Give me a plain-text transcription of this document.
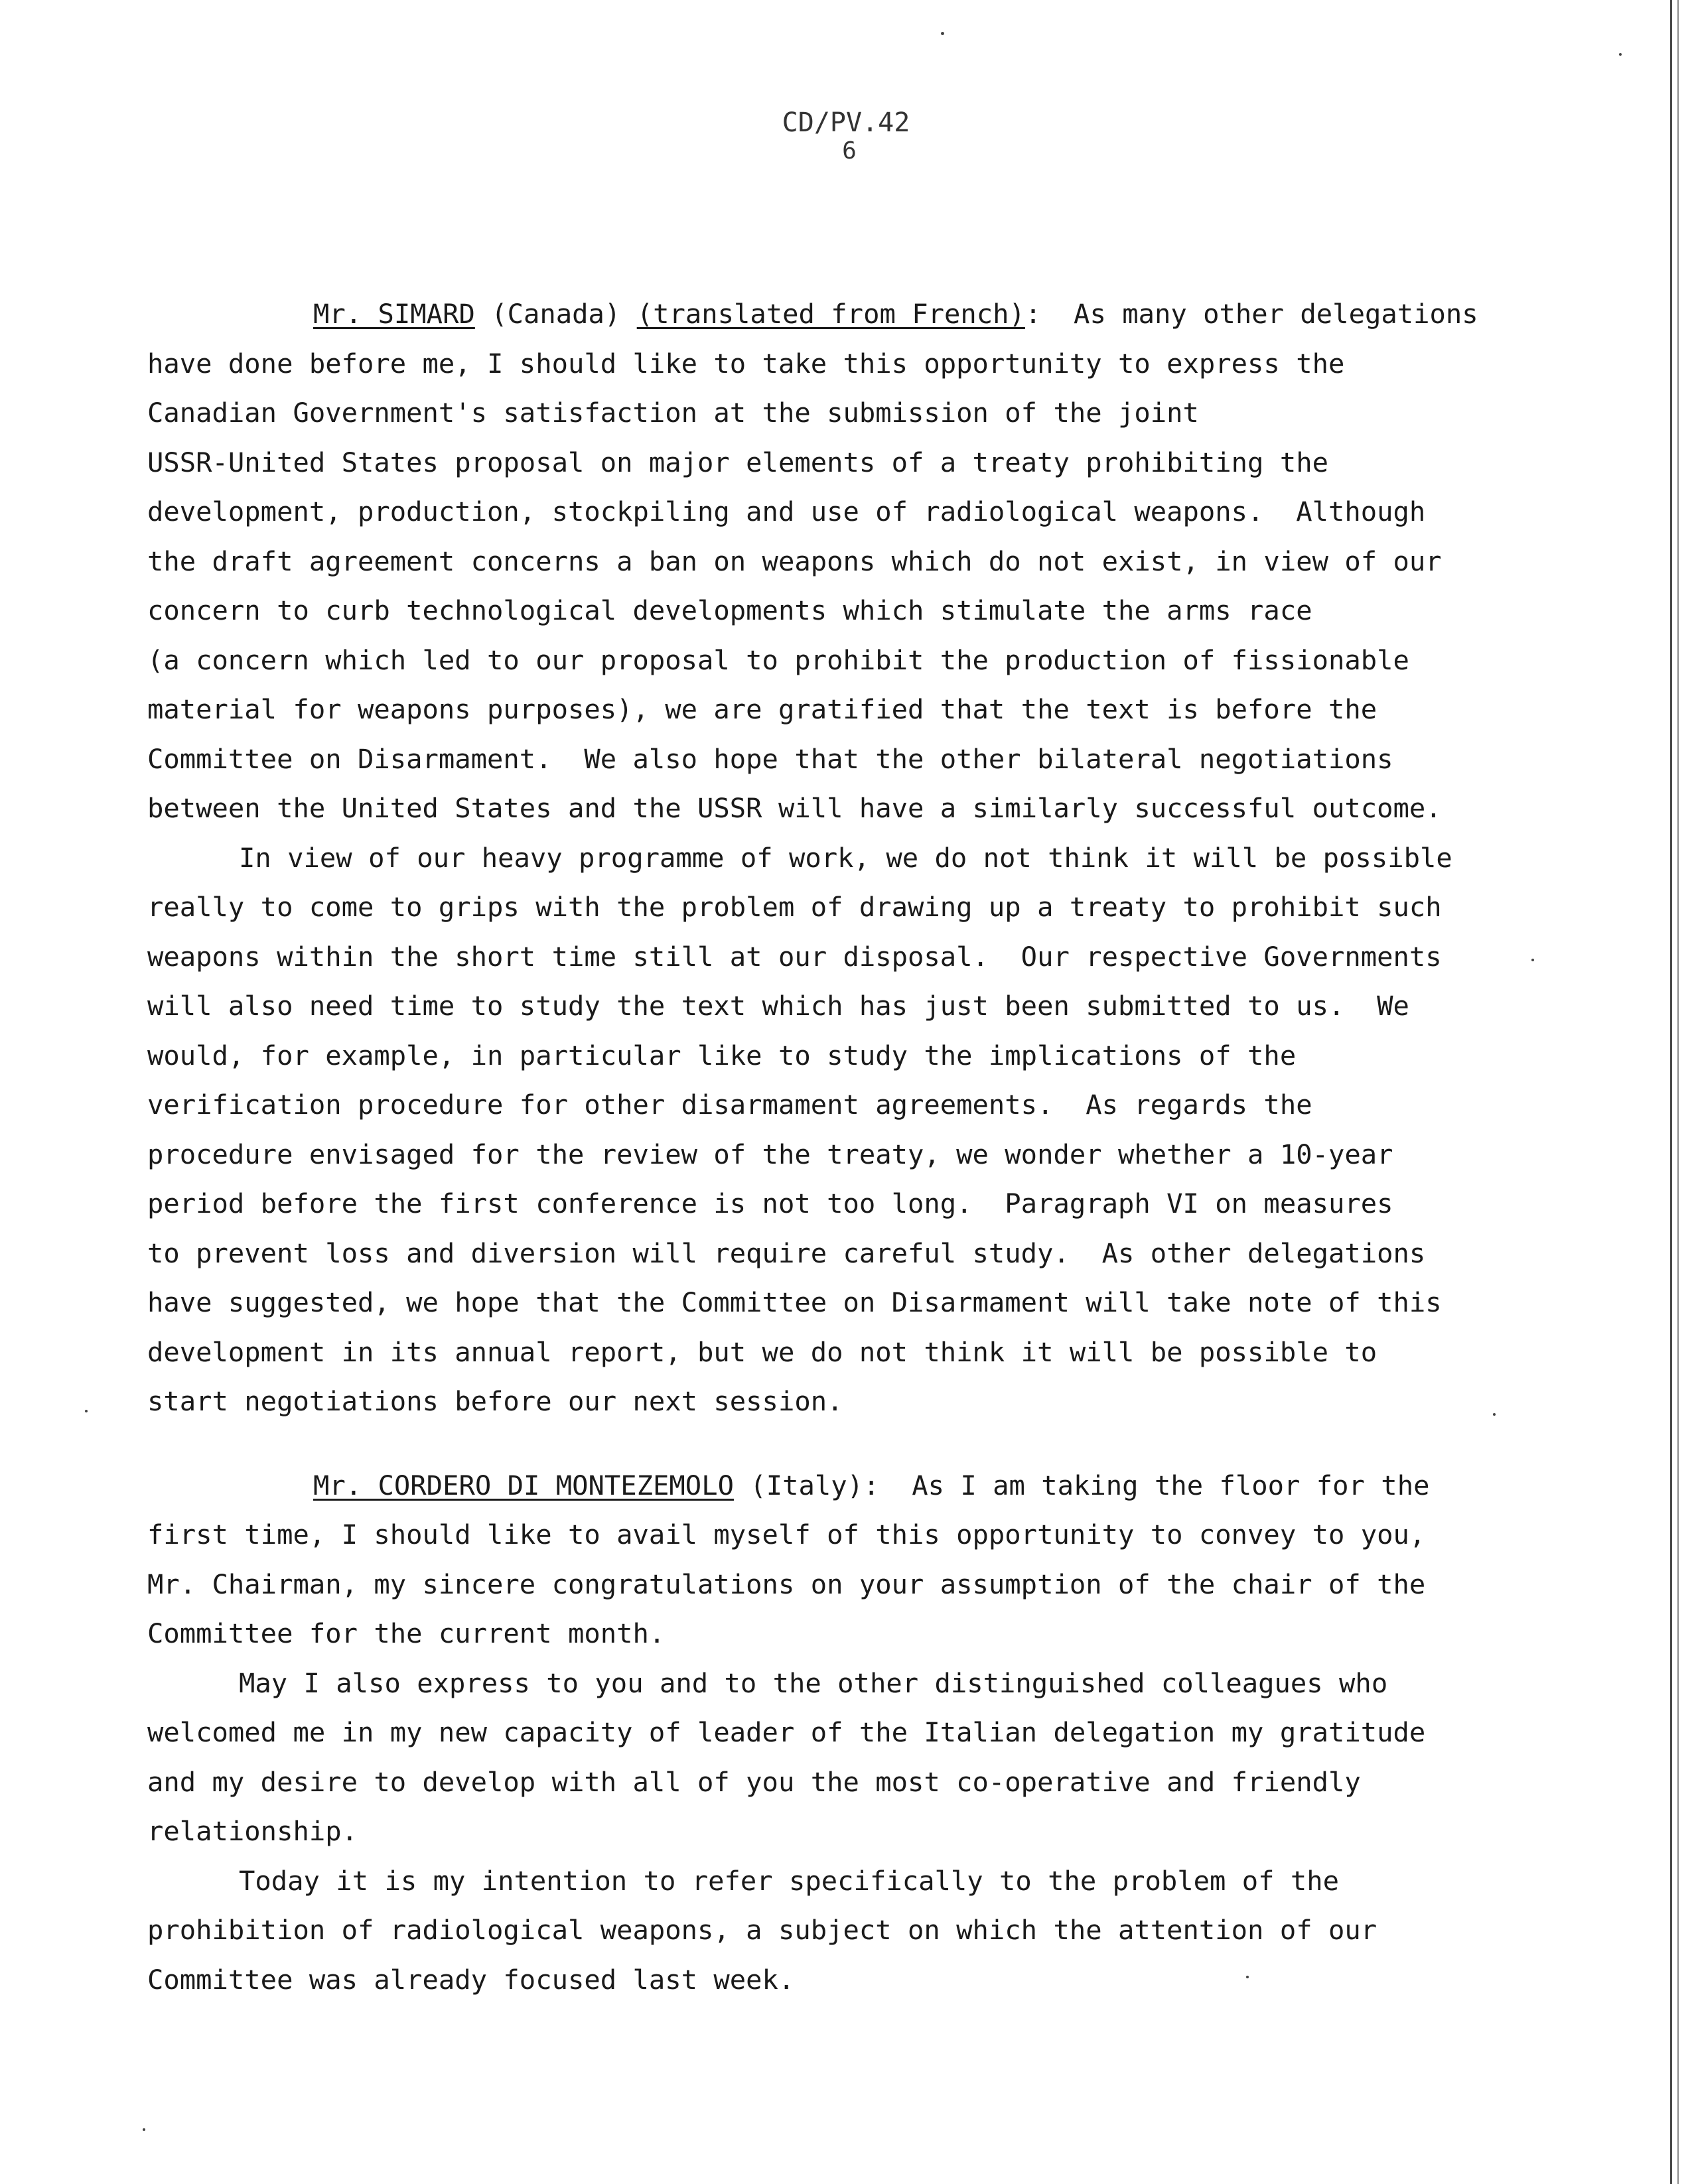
CD/PV.42
6
Mr. SIMARD (Canada) (translated from French):  As many other delegations
have done before me, I should like to take this opportunity to express the
Canadian Government's satisfaction at the submission of the joint
USSR-United States proposal on major elements of a treaty prohibiting the
development, production, stockpiling and use of radiological weapons.  Although
the draft agreement concerns a ban on weapons which do not exist, in view of our
concern to curb technological developments which stimulate the arms race
(a concern which led to our proposal to prohibit the production of fissionable
material for weapons purposes), we are gratified that the text is before the
Committee on Disarmament.  We also hope that the other bilateral negotiations
between the United States and the USSR will have a similarly successful outcome.
In view of our heavy programme of work, we do not think it will be possible
really to come to grips with the problem of drawing up a treaty to prohibit such
weapons within the short time still at our disposal.  Our respective Governments
will also need time to study the text which has just been submitted to us.  We
would, for example, in particular like to study the implications of the
verification procedure for other disarmament agreements.  As regards the
procedure envisaged for the review of the treaty, we wonder whether a 10-year
period before the first conference is not too long.  Paragraph VI on measures
to prevent loss and diversion will require careful study.  As other delegations
have suggested, we hope that the Committee on Disarmament will take note of this
development in its annual report, but we do not think it will be possible to
start negotiations before our next session.
Mr. CORDERO DI MONTEZEMOLO (Italy):  As I am taking the floor for the
first time, I should like to avail myself of this opportunity to convey to you,
Mr. Chairman, my sincere congratulations on your assumption of the chair of the
Committee for the current month.
May I also express to you and to the other distinguished colleagues who
welcomed me in my new capacity of leader of the Italian delegation my gratitude
and my desire to develop with all of you the most co-operative and friendly
relationship.
Today it is my intention to refer specifically to the problem of the
prohibition of radiological weapons, a subject on which the attention of our
Committee was already focused last week.
